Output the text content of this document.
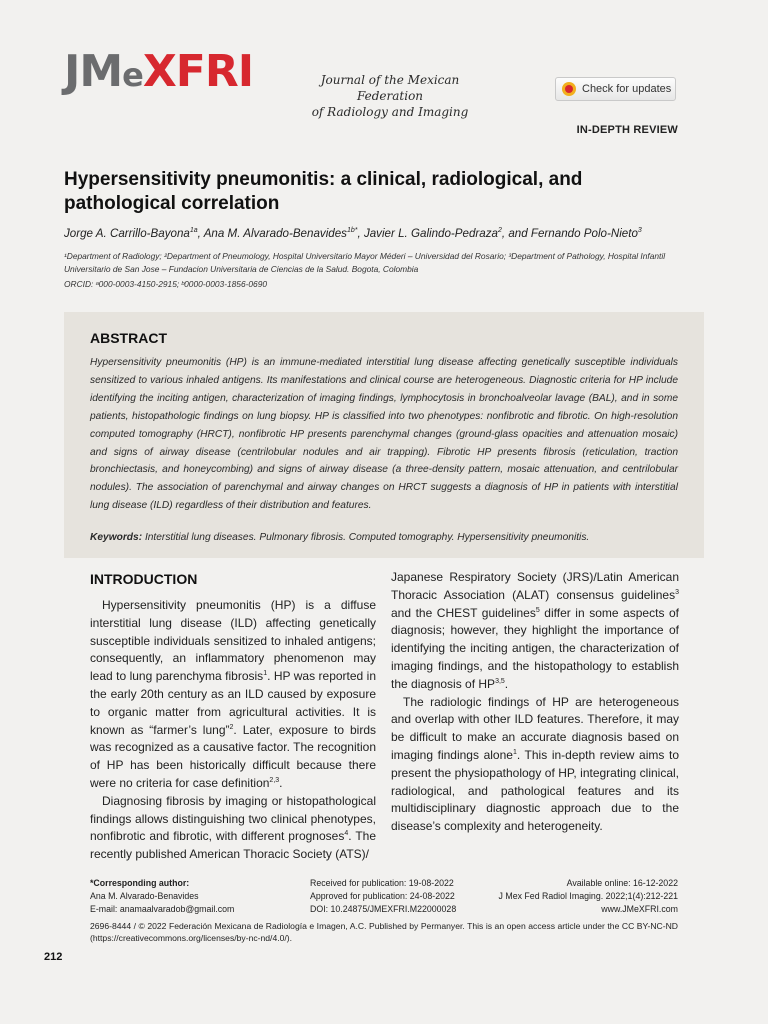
JMe XFRI	Journal of the Mexican Federation
of Radiology and Imaging
Check for updates
IN-DEPTH REVIEW
Hypersensitivity pneumonitis: a clinical, radiological, and pathological correlation
Jorge A. Carrillo-Bayona$^{1a}$, Ana M. Alvarado-Benavides$^{1b*}$, Javier L. Galindo-Pedraza$^2$, and Fernando Polo-Nieto$^3$
¹Department of Radiology; ²Department of Pneumology, Hospital Universitario Mayor Méderi – Universidad del Rosario; ³Department of Pathology, Hospital Infantil Universitario de San Jose – Fundacion Universitaria de Ciencias de la Salud. Bogota, Colombia
ORCID: ᵃ000-0003-4150-2915; ᵇ0000-0003-1856-0690
ABSTRACT

Hypersensitivity pneumonitis (HP) is an immune-mediated interstitial lung disease affecting genetically susceptible individuals sensitized to various inhaled antigens. Its manifestations and clinical course are heterogeneous. Diagnostic criteria for HP include identifying the inciting antigen, characterization of imaging findings, lymphocytosis in bronchoalveolar lavage (BAL), and in some patients, histopathologic findings on lung biopsy. HP is classified into two phenotypes: nonfibrotic and fibrotic. On high-resolution computed tomography (HRCT), nonfibrotic HP presents parenchymal changes (ground-glass opacities and attenuation mosaic) and signs of airway disease (centrilobular nodules and air trapping). Fibrotic HP presents fibrosis (reticulation, traction bronchiectasis, and honeycombing) and signs of airway disease (a three-density pattern, mosaic attenuation, and centrilobular nodules). The association of parenchymal and airway changes on HRCT suggests a diagnosis of HP in patients with interstitial lung disease (ILD) regardless of their distribution and features.

Keywords: Interstitial lung diseases. Pulmonary fibrosis. Computed tomography. Hypersensitivity pneumonitis.
INTRODUCTION

Hypersensitivity pneumonitis (HP) is a diffuse interstitial lung disease (ILD) affecting genetically susceptible individuals sensitized to inhaled antigens; consequently, an inflammatory phenomenon may lead to lung parenchyma fibrosis$^1$. HP was reported in the early 20th century as an ILD caused by exposure to organic matter from agricultural activities. It is known as “farmer’s lung”$^2$. Later, exposure to birds was recognized as a causative factor. The recognition of HP has been historically difficult because there were no criteria for case definition$^{2,3}$.

Diagnosing fibrosis by imaging or histopathological findings allows distinguishing two clinical phenotypes, nonfibrotic and fibrotic, with different prognoses$^4$. The recently published American Thoracic Society (ATS)/

Japanese Respiratory Society (JRS)/Latin American Thoracic Association (ALAT) consensus guidelines$^3$ and the CHEST guidelines$^5$ differ in some aspects of diagnosis; however, they highlight the importance of identifying the inciting antigen, the characterization of imaging findings, and the histopathology to establish the diagnosis of HP$^{3,5}$.

The radiologic findings of HP are heterogeneous and overlap with other ILD features. Therefore, it may be difficult to make an accurate diagnosis based on imaging findings alone$^1$. This in-depth review aims to present the physiopathology of HP, integrating clinical, radiological, and pathological features and its multidisciplinary diagnostic approach due to the disease’s complexity and heterogeneity.

*Corresponding author:
Ana M. Alvarado-Benavides
E-mail: anamaalvaradob@gmail.com
Received for publication: 19-08-2022
Approved for publication: 24-08-2022
DOI: 10.24875/JMEXFRI.M22000028
Available online: 16-12-2022
J Mex Fed Radiol Imaging. 2022;1(4):212-221
www.JMeXFRI.com
2696-8444 / © 2022 Federación Mexicana de Radiología e Imagen, A.C. Published by Permanyer. This is an open access article under the CC BY-NC-ND (https://creativecommons.org/licenses/by-nc-nd/4.0/).
212
